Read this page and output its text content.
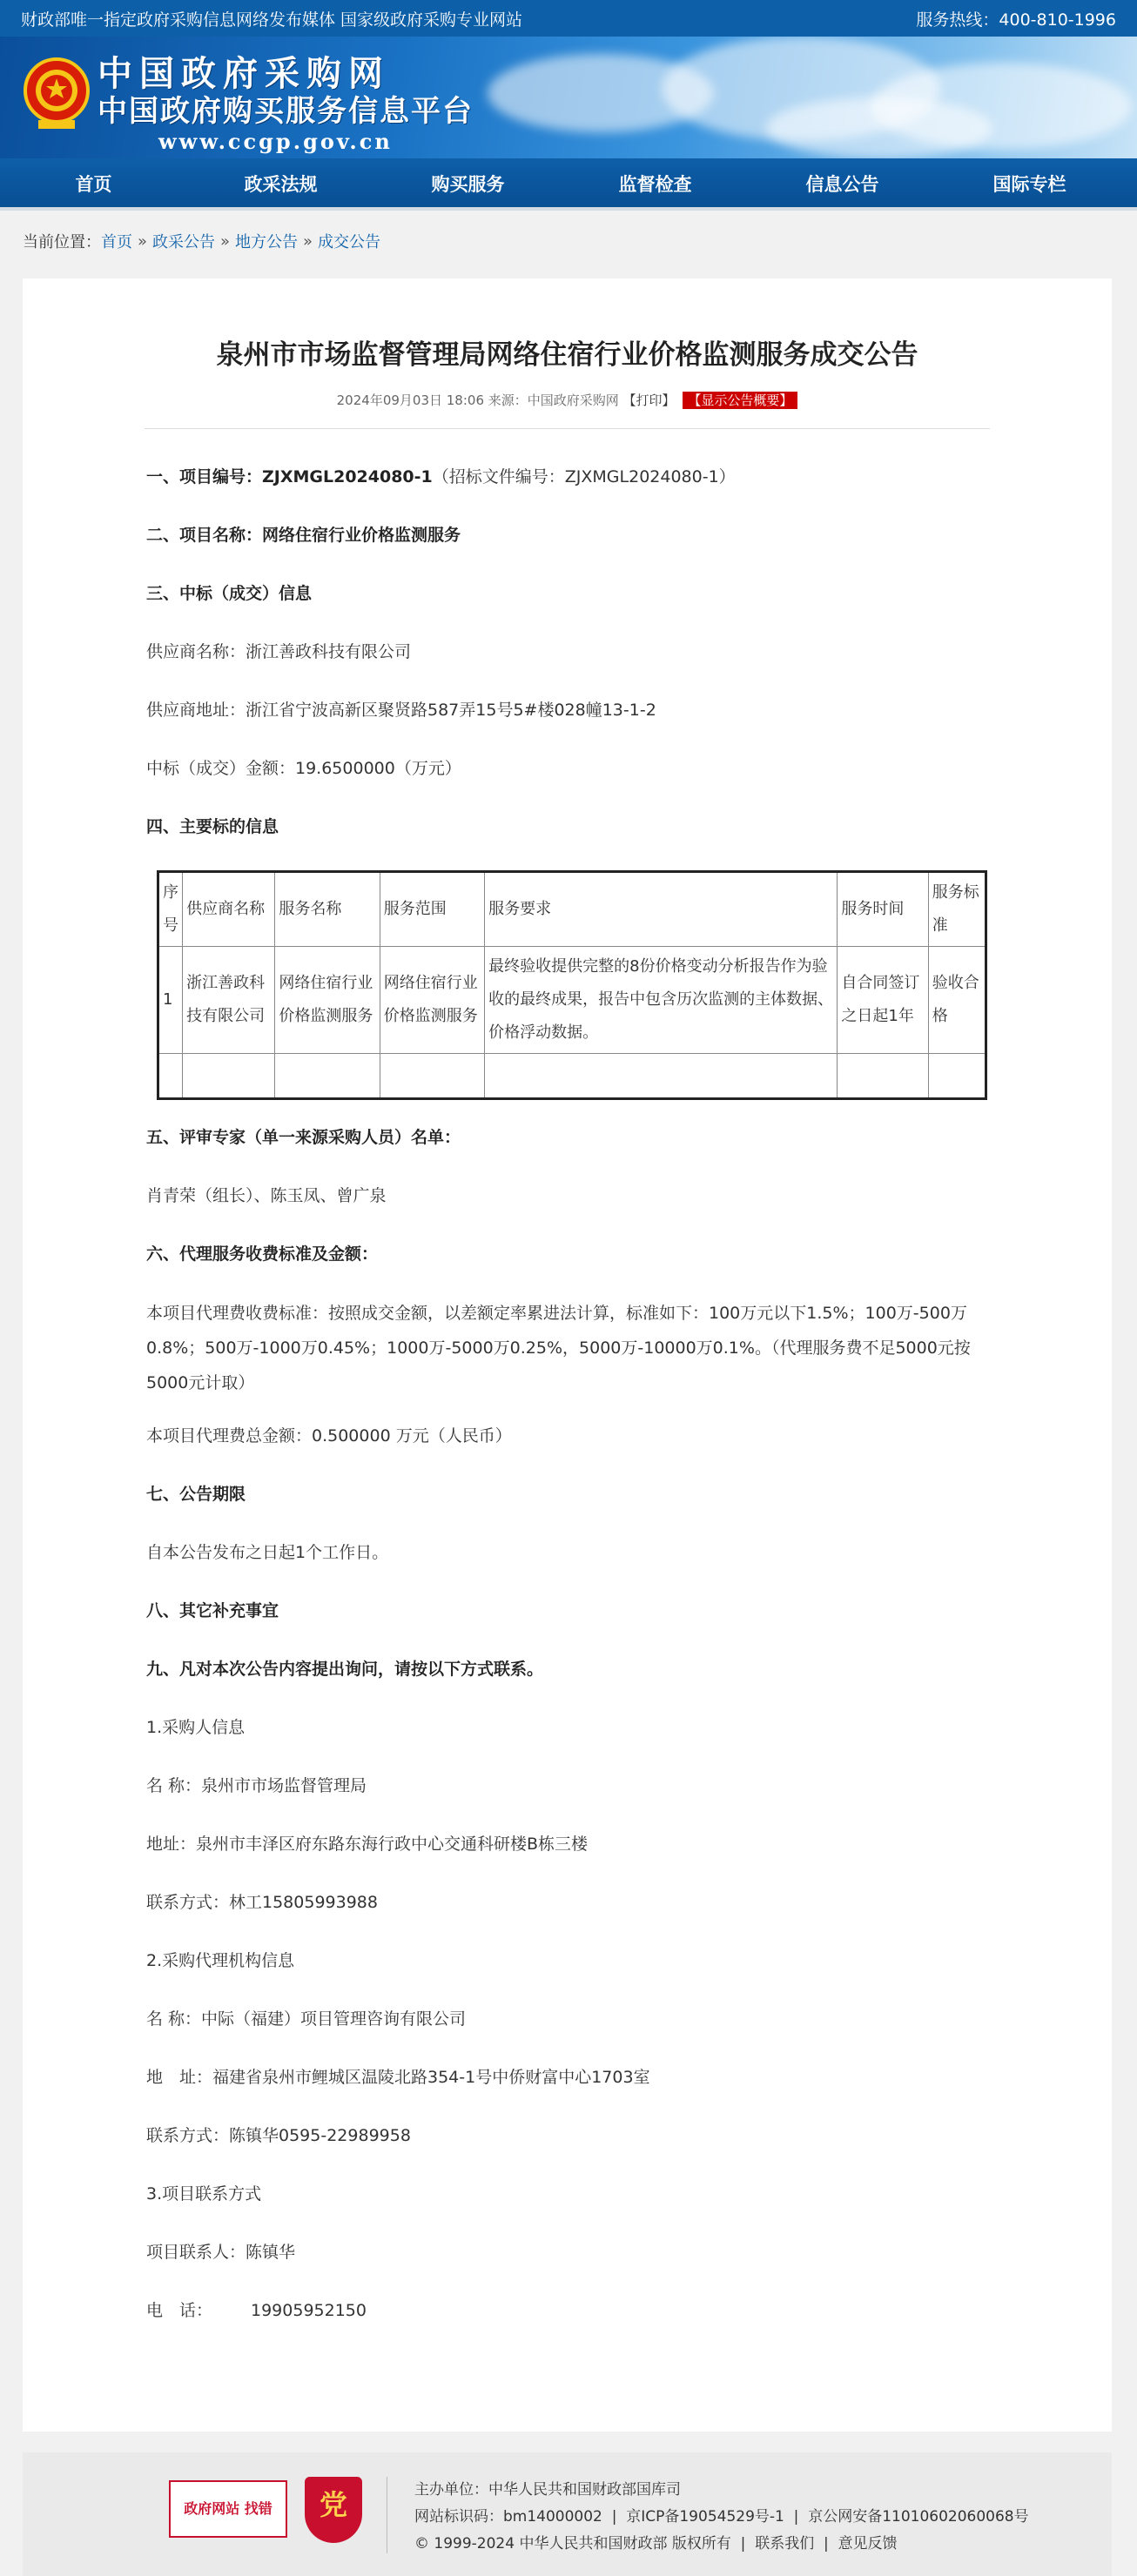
财政部唯一指定政府采购信息网络发布媒体 国家级政府采购专业网站	服务热线：400-810-1996
中国政府采购网
中国政府购买服务信息平台
www.ccgp.gov.cn
首页	政采法规	购买服务	监督检查	信息公告	国际专栏
当前位置： 首页 » 政采公告 » 地方公告 » 成交公告
泉州市市场监督管理局网络住宿行业价格监测服务成交公告
2024年09月03日 18:06 来源：中国政府采购网 【打印】 【显示公告概要】
一、项目编号：ZJXMGL2024080-1（招标文件编号：ZJXMGL2024080-1）
二、项目名称：网络住宿行业价格监测服务
三、中标（成交）信息
供应商名称：浙江善政科技有限公司
供应商地址：浙江省宁波高新区聚贤路587弄15号5#楼028幢13-1-2
中标（成交）金额：19.6500000（万元）
四、主要标的信息
序号	供应商名称	服务名称	服务范围	服务要求	服务时间	服务标准
1	浙江善政科技有限公司	网络住宿行业价格监测服务	网络住宿行业价格监测服务	最终验收提供完整的8份价格变动分析报告作为验收的最终成果，报告中包含历次监测的主体数据、价格浮动数据。	自合同签订之日起1年	验收合格

五、评审专家（单一来源采购人员）名单：
肖青荣（组长）、陈玉凤、曾广泉
六、代理服务收费标准及金额：
本项目代理费收费标准：按照成交金额，以差额定率累进法计算，标准如下：100万元以下1.5%；100万-500万0.8%；500万-1000万0.45%；1000万-5000万0.25%，5000万-10000万0.1%。（代理服务费不足5000元按5000元计取）
本项目代理费总金额：0.500000 万元（人民币）
七、公告期限
自本公告发布之日起1个工作日。
八、其它补充事宜
九、凡对本次公告内容提出询问，请按以下方式联系。
1.采购人信息
名 称：泉州市市场监督管理局
地址：泉州市丰泽区府东路东海行政中心交通科研楼B栋三楼
联系方式：林工15805993988
2.采购代理机构信息
名 称：中际（福建）项目管理咨询有限公司
地　址：福建省泉州市鲤城区温陵北路354-1号中侨财富中心1703室
联系方式：陈镇华0595-22989958
3.项目联系方式
项目联系人：陈镇华
电　话： 19905952150
政府网站 找错	党	主办单位：中华人民共和国财政部国库司
网站标识码：bm14000002  |  京ICP备19054529号-1  |  京公网安备11010602060068号
© 1999-2024 中华人民共和国财政部 版权所有  |  联系我们  |  意见反馈
